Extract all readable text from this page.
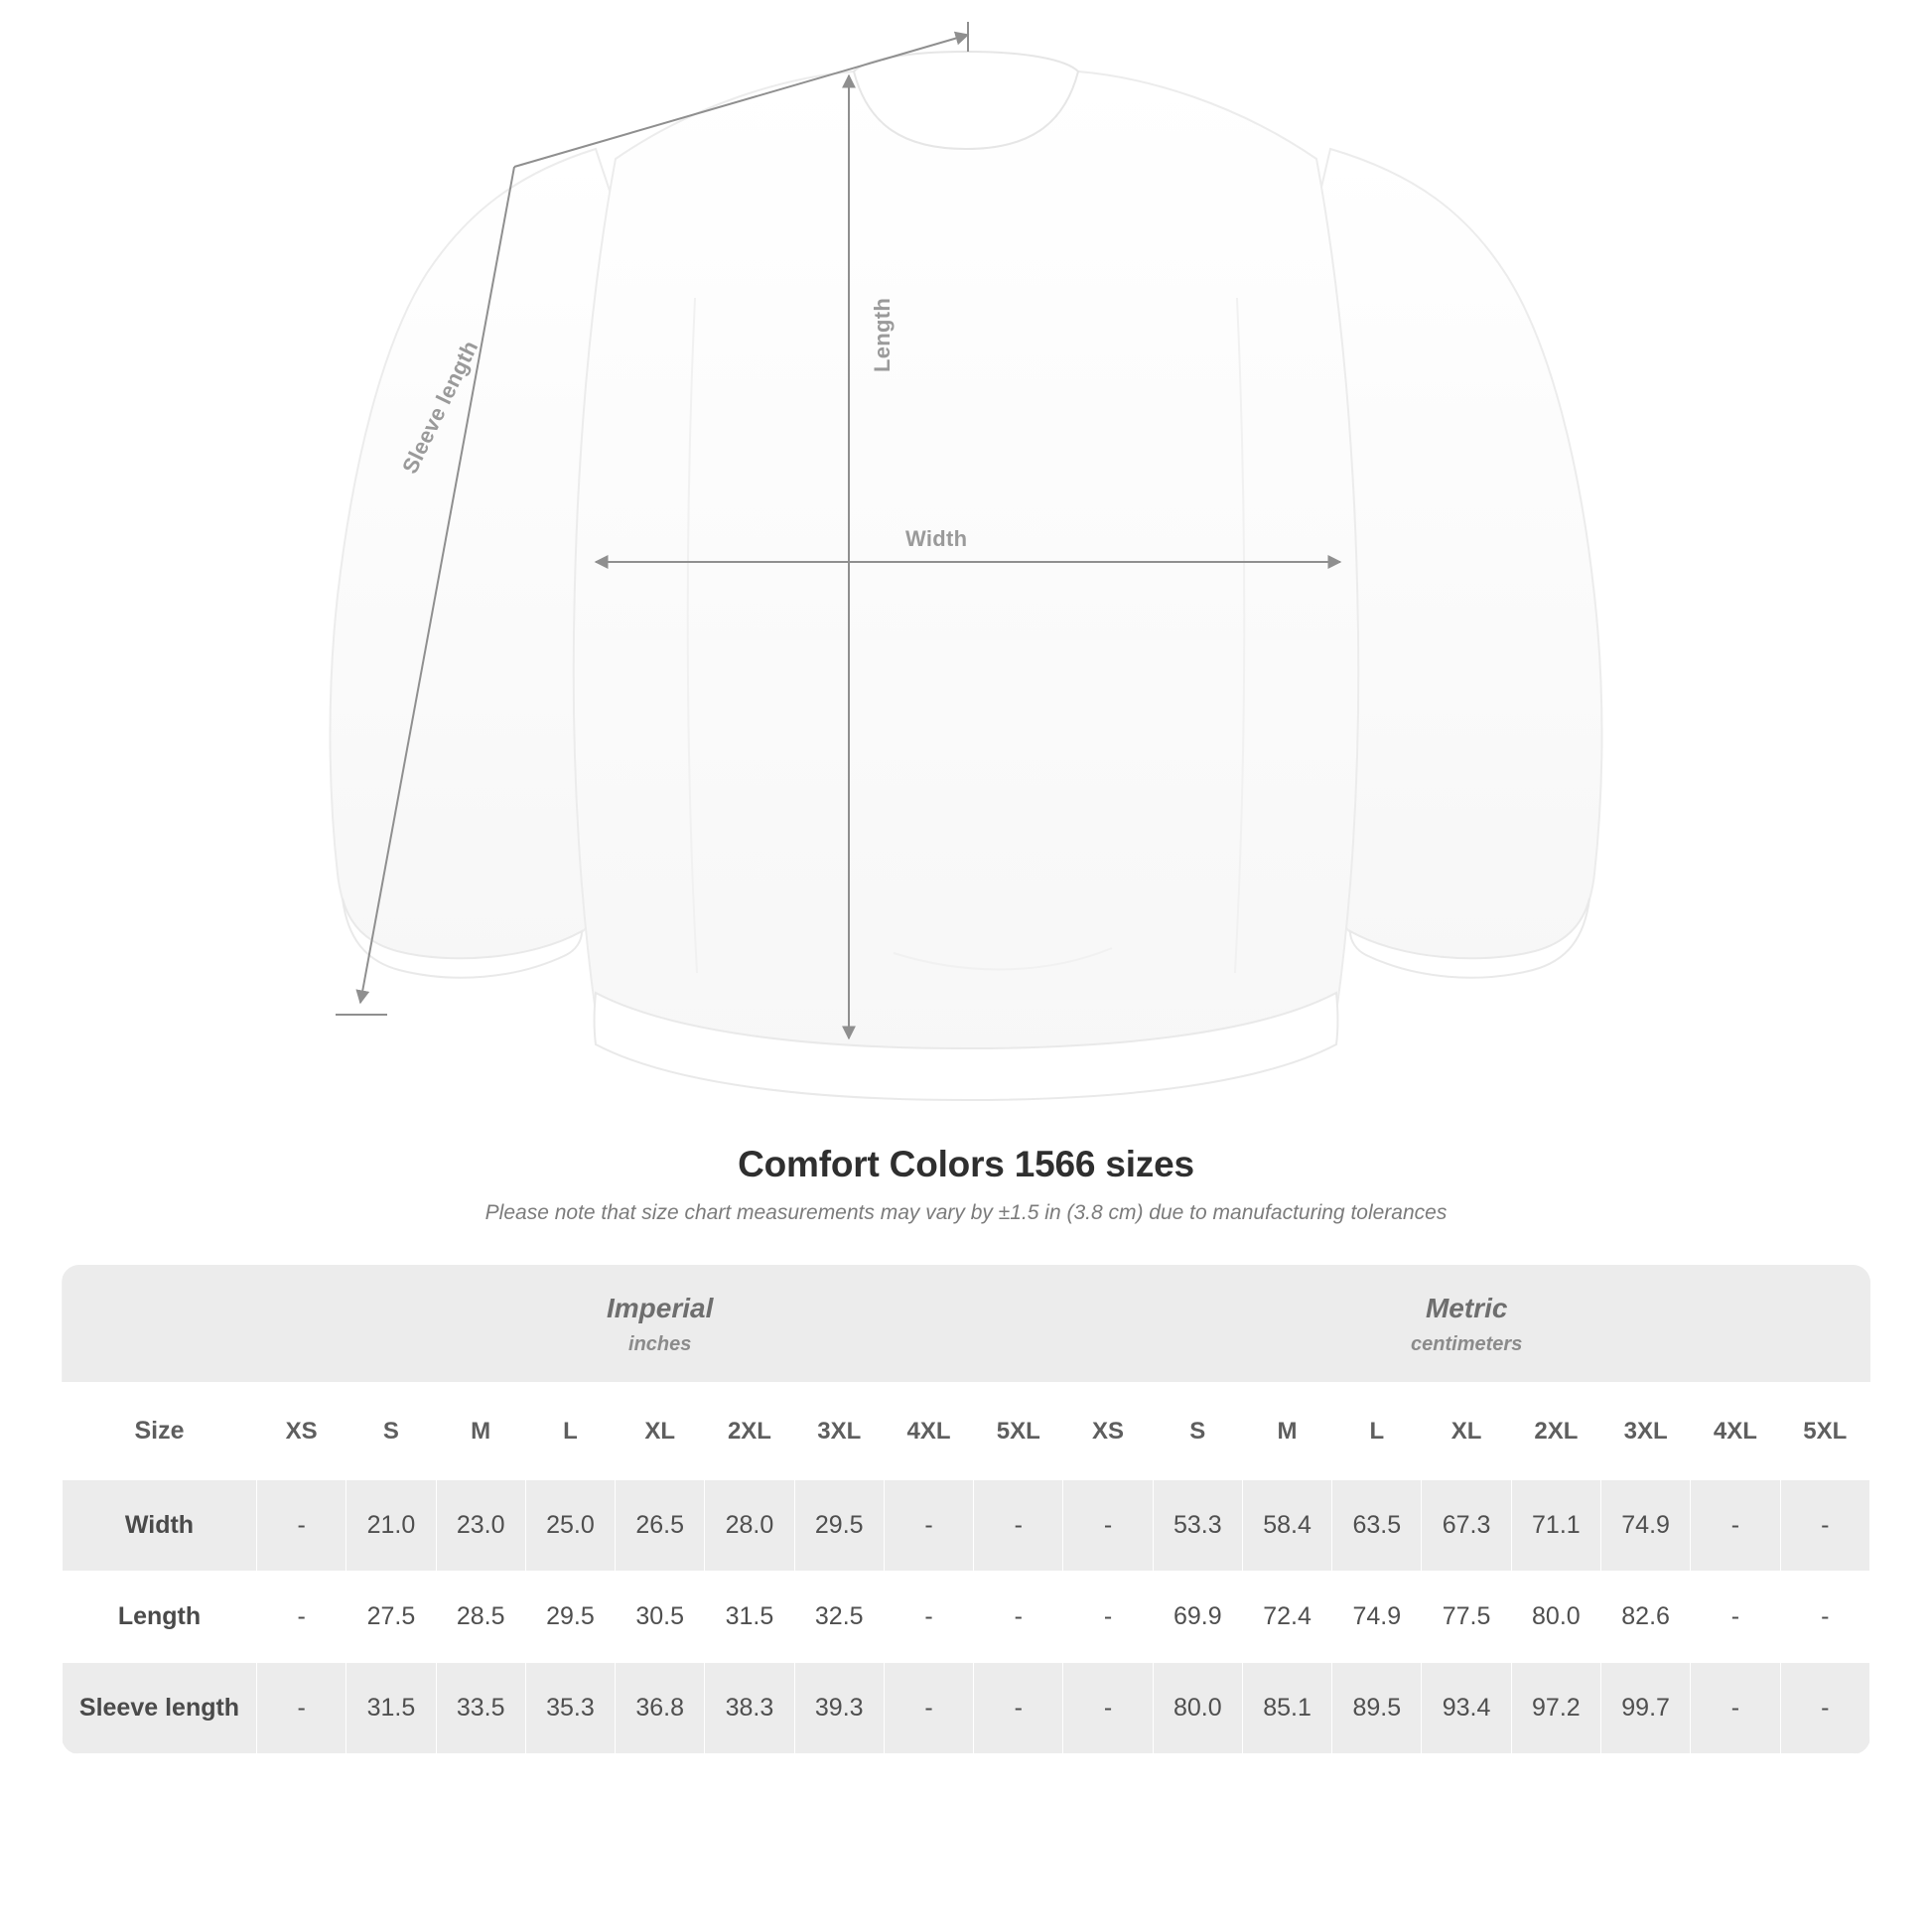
Width
Length
Sleeve length
Comfort Colors 1566 sizes
Please note that size chart measurements may vary by ±1.5 in (3.8 cm) due to manufacturing tolerances

Imperial
inches

Metric
centimeters

Size	XS	S	M	L	XL	2XL	3XL	4XL	5XL	XS	S	M	L	XL	2XL	3XL	4XL	5XL
Width	-	21.0	23.0	25.0	26.5	28.0	29.5	-	-	-	53.3	58.4	63.5	67.3	71.1	74.9	-	-
Length	-	27.5	28.5	29.5	30.5	31.5	32.5	-	-	-	69.9	72.4	74.9	77.5	80.0	82.6	-	-
Sleeve length	-	31.5	33.5	35.3	36.8	38.3	39.3	-	-	-	80.0	85.1	89.5	93.4	97.2	99.7	-	-
